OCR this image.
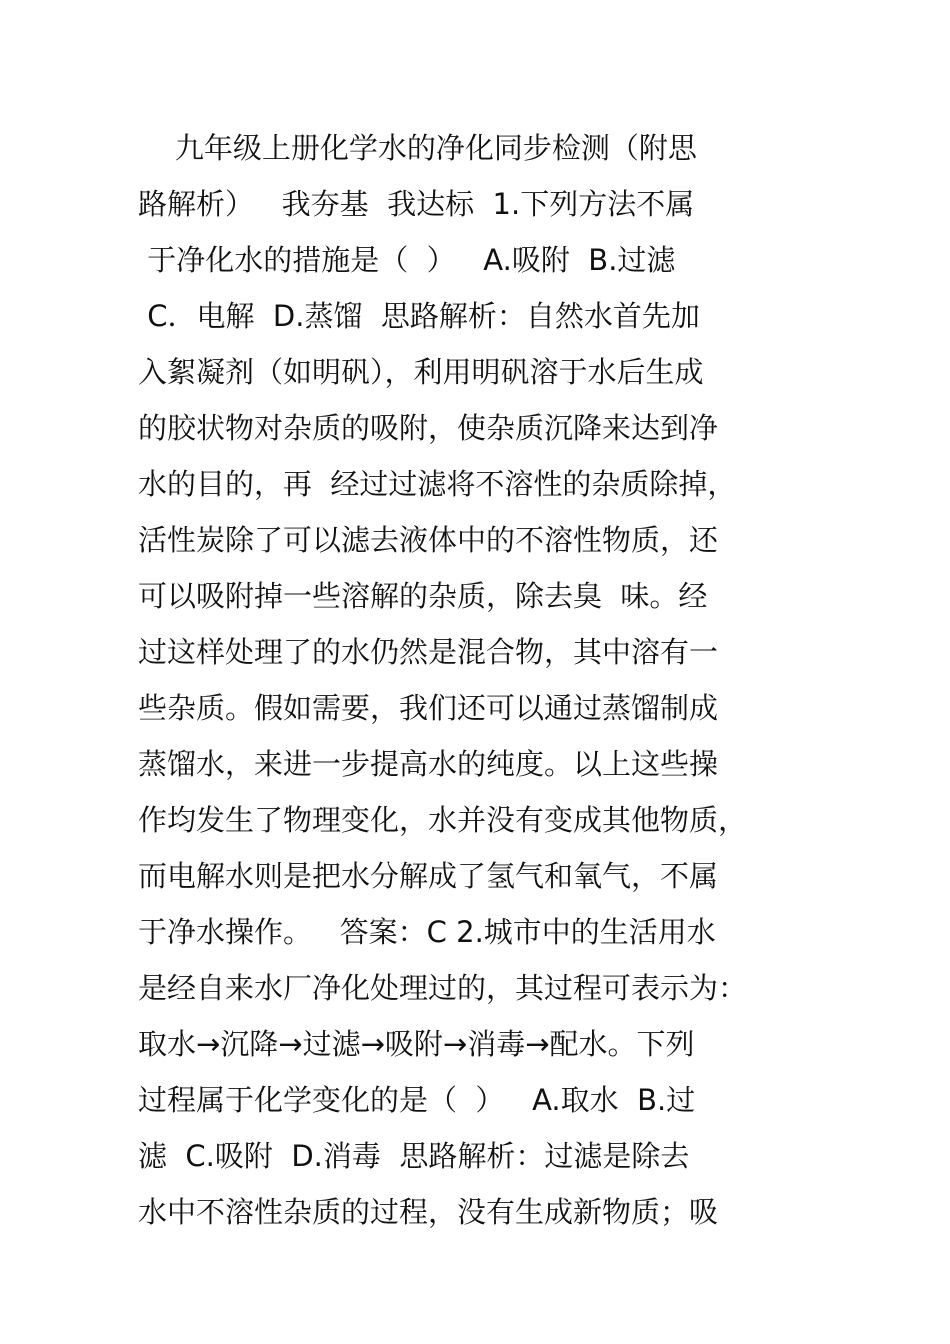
九年级上册化学水的净化同步检测（附思
路解析）   我夯基  我达标  1.下列方法不属
于净化水的措施是（  ）   A.吸附  B.过滤
C．电解  D.蒸馏  思路解析：自然水首先加
入絮凝剂（如明矾），利用明矾溶于水后生成
的胶状物对杂质的吸附，使杂质沉降来达到净
水的目的，再  经过过滤将不溶性的杂质除掉，
活性炭除了可以滤去液体中的不溶性物质，还
可以吸附掉一些溶解的杂质，除去臭  味。经
过这样处理了的水仍然是混合物，其中溶有一
些杂质。假如需要，我们还可以通过蒸馏制成
蒸馏水，来进一步提高水的纯度。以上这些操
作均发生了物理变化，水并没有变成其他物质，
而电解水则是把水分解成了氢气和氧气，不属
于净水操作。   答案：C 2.城市中的生活用水
是经自来水厂净化处理过的，其过程可表示为：
取水→沉降→过滤→吸附→消毒→配水。下列
过程属于化学变化的是（  ）   A.取水  B.过
滤  C.吸附  D.消毒  思路解析：过滤是除去
水中不溶性杂质的过程，没有生成新物质；吸
